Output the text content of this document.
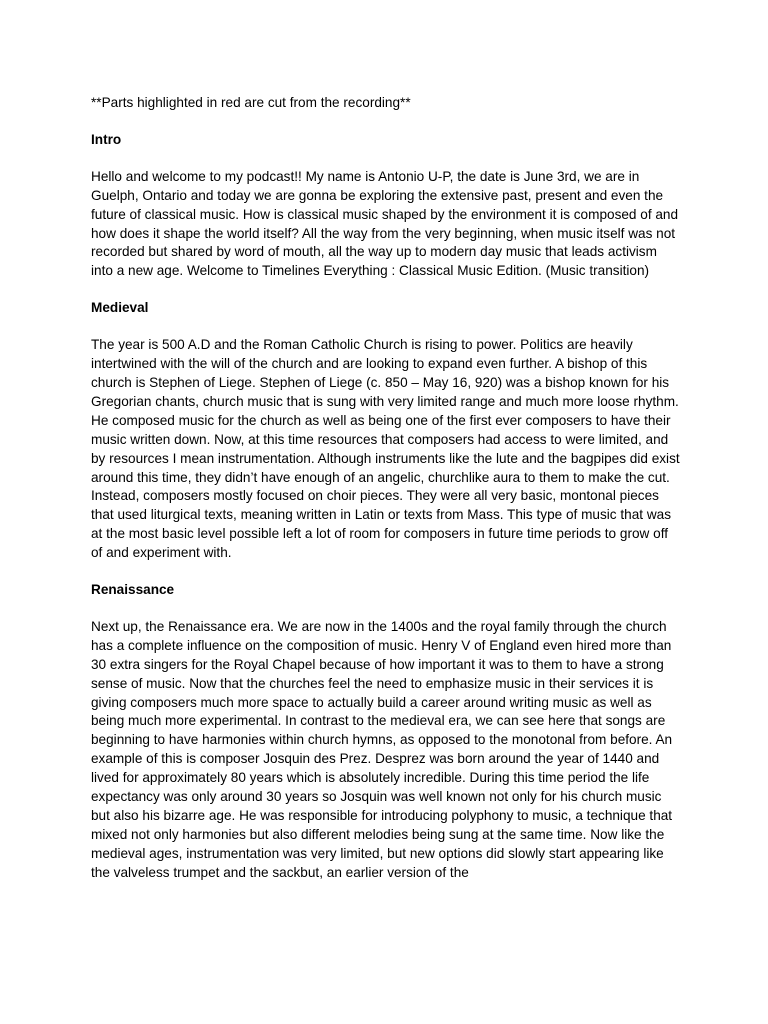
**Parts highlighted in red are cut from the recording**

Intro

Hello and welcome to my podcast!! My name is Antonio U-P, the date is June 3rd, we are in Guelph, Ontario and today we are gonna be exploring the extensive past, present and even the future of classical music. How is classical music shaped by the environment it is composed of and how does it shape the world itself? All the way from the very beginning, when music itself was not recorded but shared by word of mouth, all the way up to modern day music that leads activism into a new age. Welcome to Timelines Everything : Classical Music Edition. (Music transition)

Medieval

The year is 500 A.D and the Roman Catholic Church is rising to power. Politics are heavily intertwined with the will of the church and are looking to expand even further. A bishop of this church is Stephen of Liege. Stephen of Liege (c. 850 – May 16, 920) was a bishop known for his Gregorian chants, church music that is sung with very limited range and much more loose rhythm. He composed music for the church as well as being one of the first ever composers to have their music written down. Now, at this time resources that composers had access to were limited, and by resources I mean instrumentation. Although instruments like the lute and the bagpipes did exist around this time, they didn’t have enough of an angelic, churchlike aura to them to make the cut. Instead, composers mostly focused on choir pieces. They were all very basic, montonal pieces that used liturgical texts, meaning written in Latin or texts from Mass. This type of music that was at the most basic level possible left a lot of room for composers in future time periods to grow off of and experiment with.

Renaissance

Next up, the Renaissance era. We are now in the 1400s and the royal family through the church has a complete influence on the composition of music. Henry V of England even hired more than 30 extra singers for the Royal Chapel because of how important it was to them to have a strong sense of music. Now that the churches feel the need to emphasize music in their services it is giving composers much more space to actually build a career around writing music as well as being much more experimental. In contrast to the medieval era, we can see here that songs are beginning to have harmonies within church hymns, as opposed to the monotonal from before. An example of this is composer Josquin des Prez. Desprez was born around the year of 1440 and lived for approximately 80 years which is absolutely incredible. During this time period the life expectancy was only around 30 years so Josquin was well known not only for his church music but also his bizarre age. He was responsible for introducing polyphony to music, a technique that mixed not only harmonies but also different melodies being sung at the same time. Now like the medieval ages, instrumentation was very limited, but new options did slowly start appearing like the valveless trumpet and the sackbut, an earlier version of the
